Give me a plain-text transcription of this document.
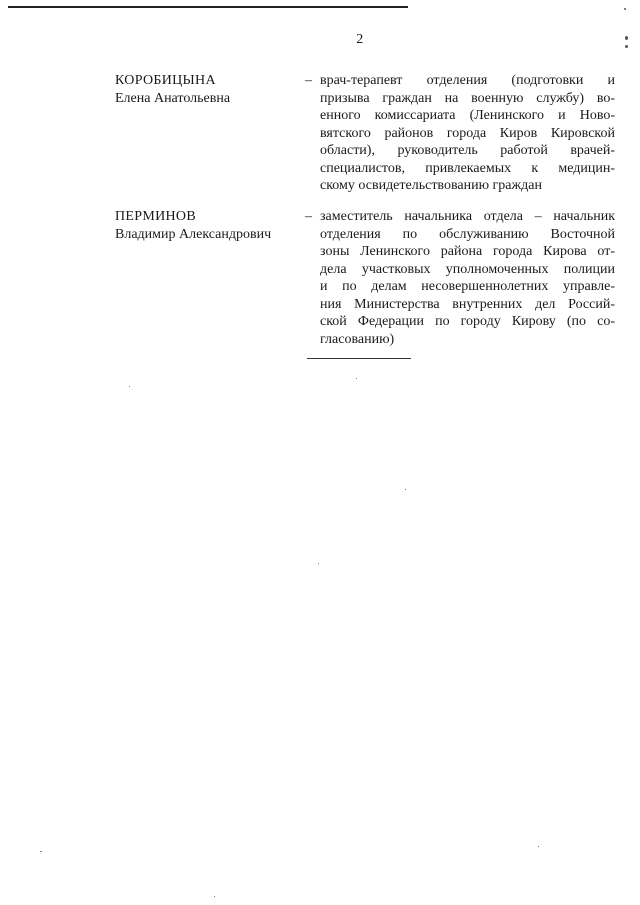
2
КОРОБИЦЫНА
Елена Анатольевна
– врач-терапевт отделения (подготовки и
призыва граждан на военную службу) во-
енного комиссариата (Ленинского и Ново-
вятского районов города Киров Кировской
области), руководитель работой врачей-
специалистов, привлекаемых к медицин-
скому освидетельствованию граждан
ПЕРМИНОВ
Владимир Александрович
– заместитель начальника отдела – начальник
отделения по обслуживанию Восточной
зоны Ленинского района города Кирова от-
дела участковых уполномоченных полиции
и по делам несовершеннолетних управле-
ния Министерства внутренних дел Россий-
ской Федерации по городу Кирову (по со-
гласованию)
